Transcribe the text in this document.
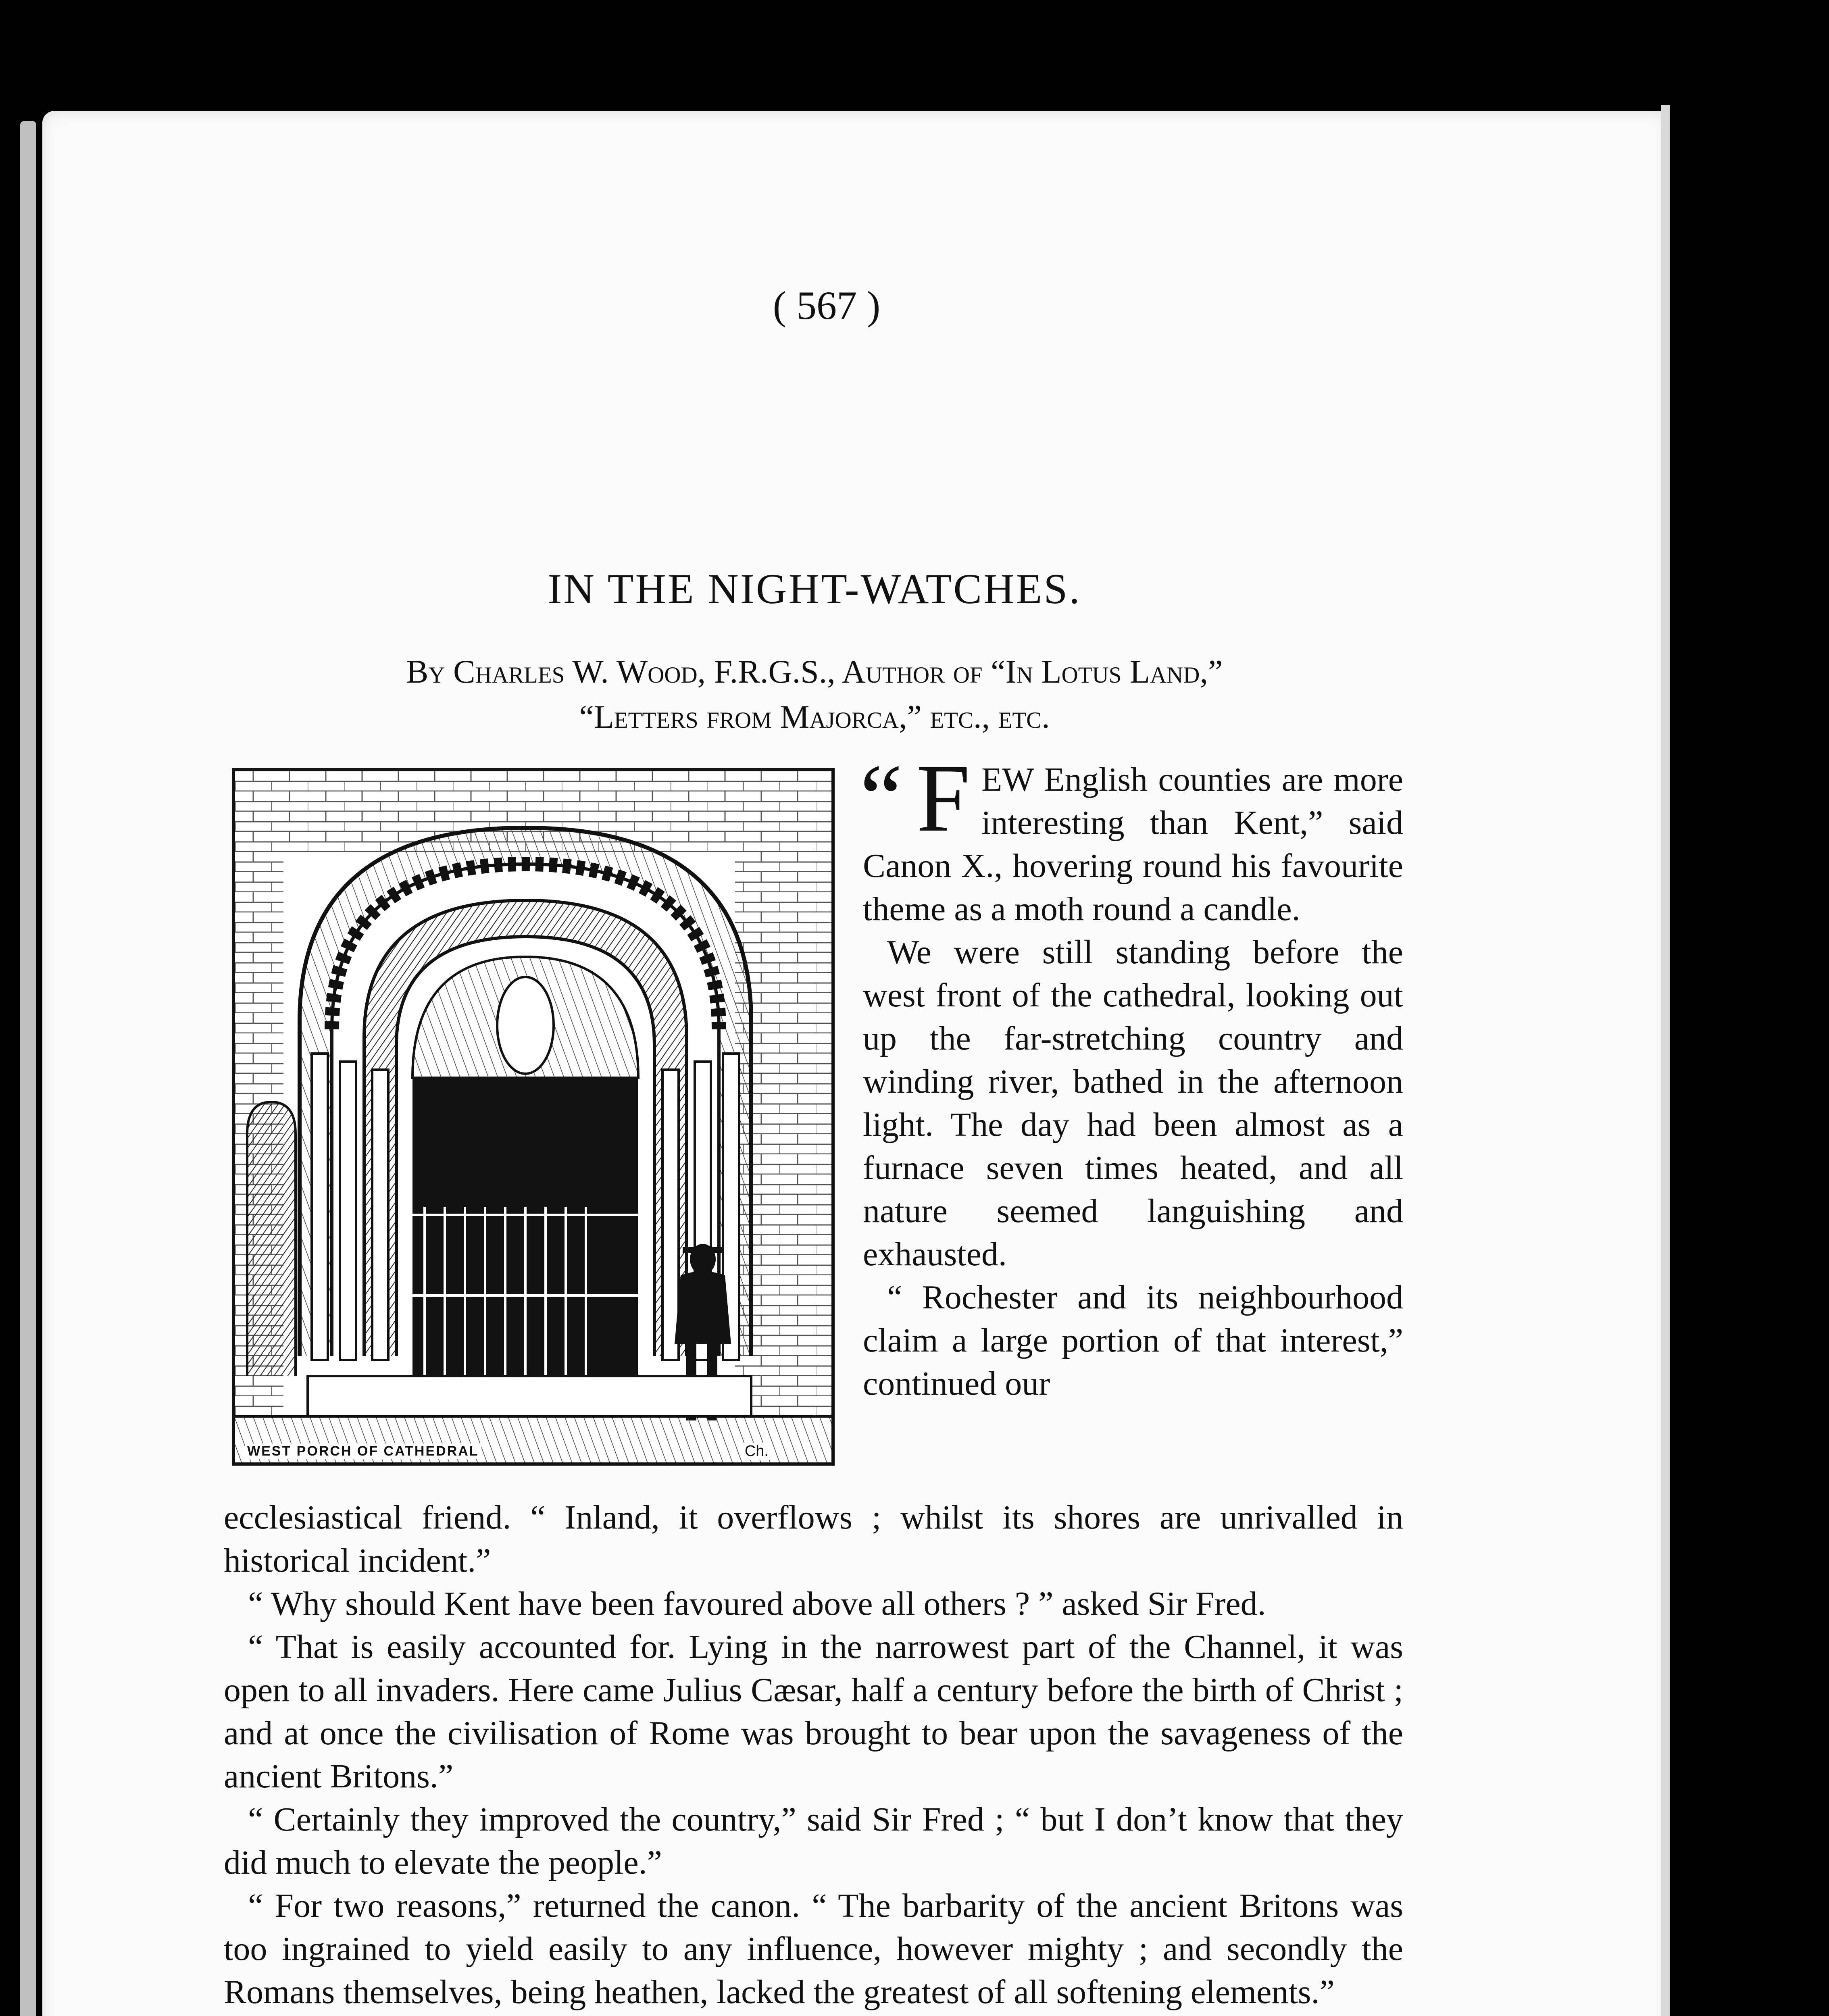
( 567 )
IN THE NIGHT-WATCHES.
By Charles W. Wood, F.R.G.S., Author of “In Lotus Land,”
“Letters from Majorca,” etc., etc.
WEST PORCH OF CATHEDRAL	Ch.

“ F EW English counties are more interesting than Kent,” said Canon X., hovering round his favourite theme as a moth round a candle.

We were still standing before the west front of the cathedral, looking out up the far-stretching country and winding river, bathed in the afternoon light. The day had been almost as a furnace seven times heated, and all nature seemed languishing and exhausted.

“ Rochester and its neighbourhood claim a large portion of that interest,” continued our

ecclesiastical friend. “ Inland, it overflows ; whilst its shores are unrivalled in historical incident.”

“ Why should Kent have been favoured above all others ? ” asked Sir Fred.

“ That is easily accounted for. Lying in the narrowest part of the Channel, it was open to all invaders. Here came Julius Cæsar, half a century before the birth of Christ ; and at once the civilisation of Rome was brought to bear upon the savageness of the ancient Britons.”

“ Certainly they improved the country,” said Sir Fred ; “ but I don’t know that they did much to elevate the people.”

“ For two reasons,” returned the canon. “ The barbarity of the ancient Britons was too ingrained to yield easily to any influence, however mighty ; and secondly the Romans themselves, being heathen, lacked the greatest of all softening elements.”
